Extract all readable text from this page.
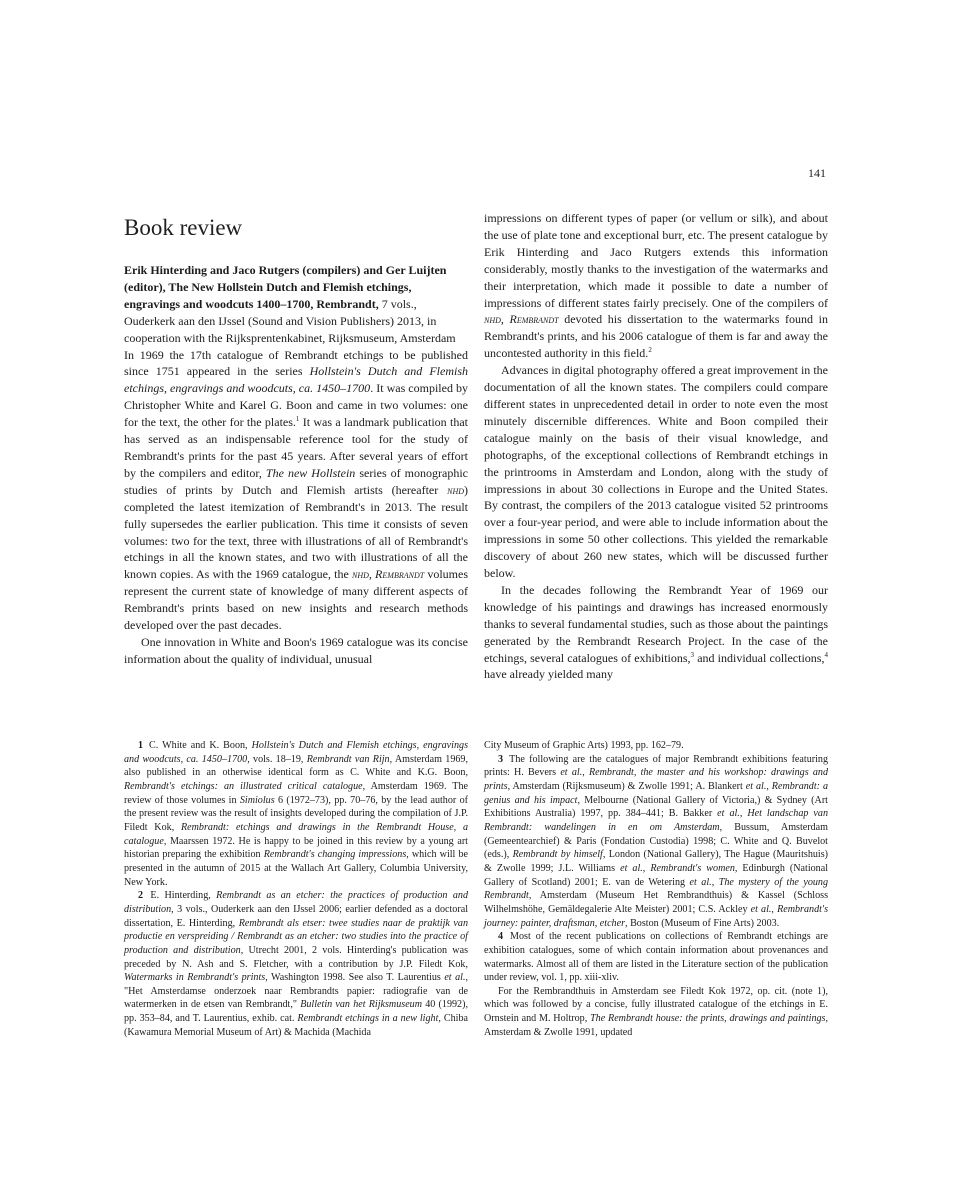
141
Book review
Erik Hinterding and Jaco Rutgers (compilers) and Ger Luijten (editor), The New Hollstein Dutch and Flemish etchings, engravings and woodcuts 1400–1700, Rembrandt, 7 vols., Ouderkerk aan den IJssel (Sound and Vision Publishers) 2013, in cooperation with the Rijksprentenkabinet, Rijksmuseum, Amsterdam

In 1969 the 17th catalogue of Rembrandt etchings to be published since 1751 appeared in the series Hollstein's Dutch and Flemish etchings, engravings and woodcuts, ca. 1450–1700. It was compiled by Christopher White and Karel G. Boon and came in two volumes: one for the text, the other for the plates.$^1$ It was a landmark publication that has served as an indispensable reference tool for the study of Rembrandt's prints for the past 45 years. After several years of effort by the compilers and editor, The new Hollstein series of monographic studies of prints by Dutch and Flemish artists (hereafter nhd) completed the latest itemization of Rembrandt's in 2013. The result fully supersedes the earlier publication. This time it consists of seven volumes: two for the text, three with illustrations of all of Rembrandt's etchings in all the known states, and two with illustrations of all the known copies. As with the 1969 catalogue, the nhd, Rembrandt volumes represent the current state of knowledge of many different aspects of Rembrandt's prints based on new insights and research methods developed over the past decades.

One innovation in White and Boon's 1969 catalogue was its concise information about the quality of individual, unusual

impressions on different types of paper (or vellum or silk), and about the use of plate tone and exceptional burr, etc. The present catalogue by Erik Hinterding and Jaco Rutgers extends this information considerably, mostly thanks to the investigation of the watermarks and their interpretation, which made it possible to date a number of impressions of different states fairly precisely. One of the compilers of nhd, Rembrandt devoted his dissertation to the watermarks found in Rembrandt's prints, and his 2006 catalogue of them is far and away the uncontested authority in this field.$^2$

Advances in digital photography offered a great improvement in the documentation of all the known states. The compilers could compare different states in unprecedented detail in order to note even the most minutely discernible differences. White and Boon compiled their catalogue mainly on the basis of their visual knowledge, and photographs, of the exceptional collections of Rembrandt etchings in the printrooms in Amsterdam and London, along with the study of impressions in about 30 collections in Europe and the United States. By contrast, the compilers of the 2013 catalogue visited 52 printrooms over a four-year period, and were able to include information about the impressions in some 50 other collections. This yielded the remarkable discovery of about 260 new states, which will be discussed further below.

In the decades following the Rembrandt Year of 1969 our knowledge of his paintings and drawings has increased enormously thanks to several fundamental studies, such as those about the paintings generated by the Rembrandt Research Project. In the case of the etchings, several catalogues of exhibitions,$^3$ and individual collections,$^4$ have already yielded many

1 C. White and K. Boon, Hollstein's Dutch and Flemish etchings, engravings and woodcuts, ca. 1450–1700, vols. 18–19, Rembrandt van Rijn, Amsterdam 1969, also published in an otherwise identical form as C. White and K.G. Boon, Rembrandt's etchings: an illustrated critical catalogue, Amsterdam 1969. The review of those volumes in Simiolus 6 (1972–73), pp. 70–76, by the lead author of the present review was the result of insights developed during the compilation of J.P. Filedt Kok, Rembrandt: etchings and drawings in the Rembrandt House, a catalogue, Maarssen 1972. He is happy to be joined in this review by a young art historian preparing the exhibition Rembrandt's changing impressions, which will be presented in the autumn of 2015 at the Wallach Art Gallery, Columbia University, New York.

2 E. Hinterding, Rembrandt as an etcher: the practices of production and distribution, 3 vols., Ouderkerk aan den IJssel 2006; earlier defended as a doctoral dissertation, E. Hinterding, Rembrandt als etser: twee studies naar de praktijk van productie en verspreiding / Rembrandt as an etcher: two studies into the practice of production and distribution, Utrecht 2001, 2 vols. Hinterding's publication was preceded by N. Ash and S. Fletcher, with a contribution by J.P. Filedt Kok, Watermarks in Rembrandt's prints, Washington 1998. See also T. Laurentius et al., "Het Amsterdamse onderzoek naar Rembrandts papier: radiografie van de watermerken in de etsen van Rembrandt," Bulletin van het Rijksmuseum 40 (1992), pp. 353–84, and T. Laurentius, exhib. cat. Rembrandt etchings in a new light, Chiba (Kawamura Memorial Museum of Art) & Machida (Machida

City Museum of Graphic Arts) 1993, pp. 162–79.

3 The following are the catalogues of major Rembrandt exhibitions featuring prints: H. Bevers et al., Rembrandt, the master and his workshop: drawings and prints, Amsterdam (Rijksmuseum) & Zwolle 1991; A. Blankert et al., Rembrandt: a genius and his impact, Melbourne (National Gallery of Victoria,) & Sydney (Art Exhibitions Australia) 1997, pp. 384–441; B. Bakker et al., Het landschap van Rembrandt: wandelingen in en om Amsterdam, Bussum, Amsterdam (Gemeentearchief) & Paris (Fondation Custodia) 1998; C. White and Q. Buvelot (eds.), Rembrandt by himself, London (National Gallery), The Hague (Mauritshuis) & Zwolle 1999; J.L. Williams et al., Rembrandt's women, Edinburgh (National Gallery of Scotland) 2001; E. van de Wetering et al., The mystery of the young Rembrandt, Amsterdam (Museum Het Rembrandthuis) & Kassel (Schloss Wilhelmshöhe, Gemäldegalerie Alte Meister) 2001; C.S. Ackley et al., Rembrandt's journey: painter, draftsman, etcher, Boston (Museum of Fine Arts) 2003.

4 Most of the recent publications on collections of Rembrandt etchings are exhibition catalogues, some of which contain information about provenances and watermarks. Almost all of them are listed in the Literature section of the publication under review, vol. 1, pp. xiii-xliv.

For the Rembrandthuis in Amsterdam see Filedt Kok 1972, op. cit. (note 1), which was followed by a concise, fully illustrated catalogue of the etchings in E. Ornstein and M. Holtrop, The Rembrandt house: the prints, drawings and paintings, Amsterdam & Zwolle 1991, updated
